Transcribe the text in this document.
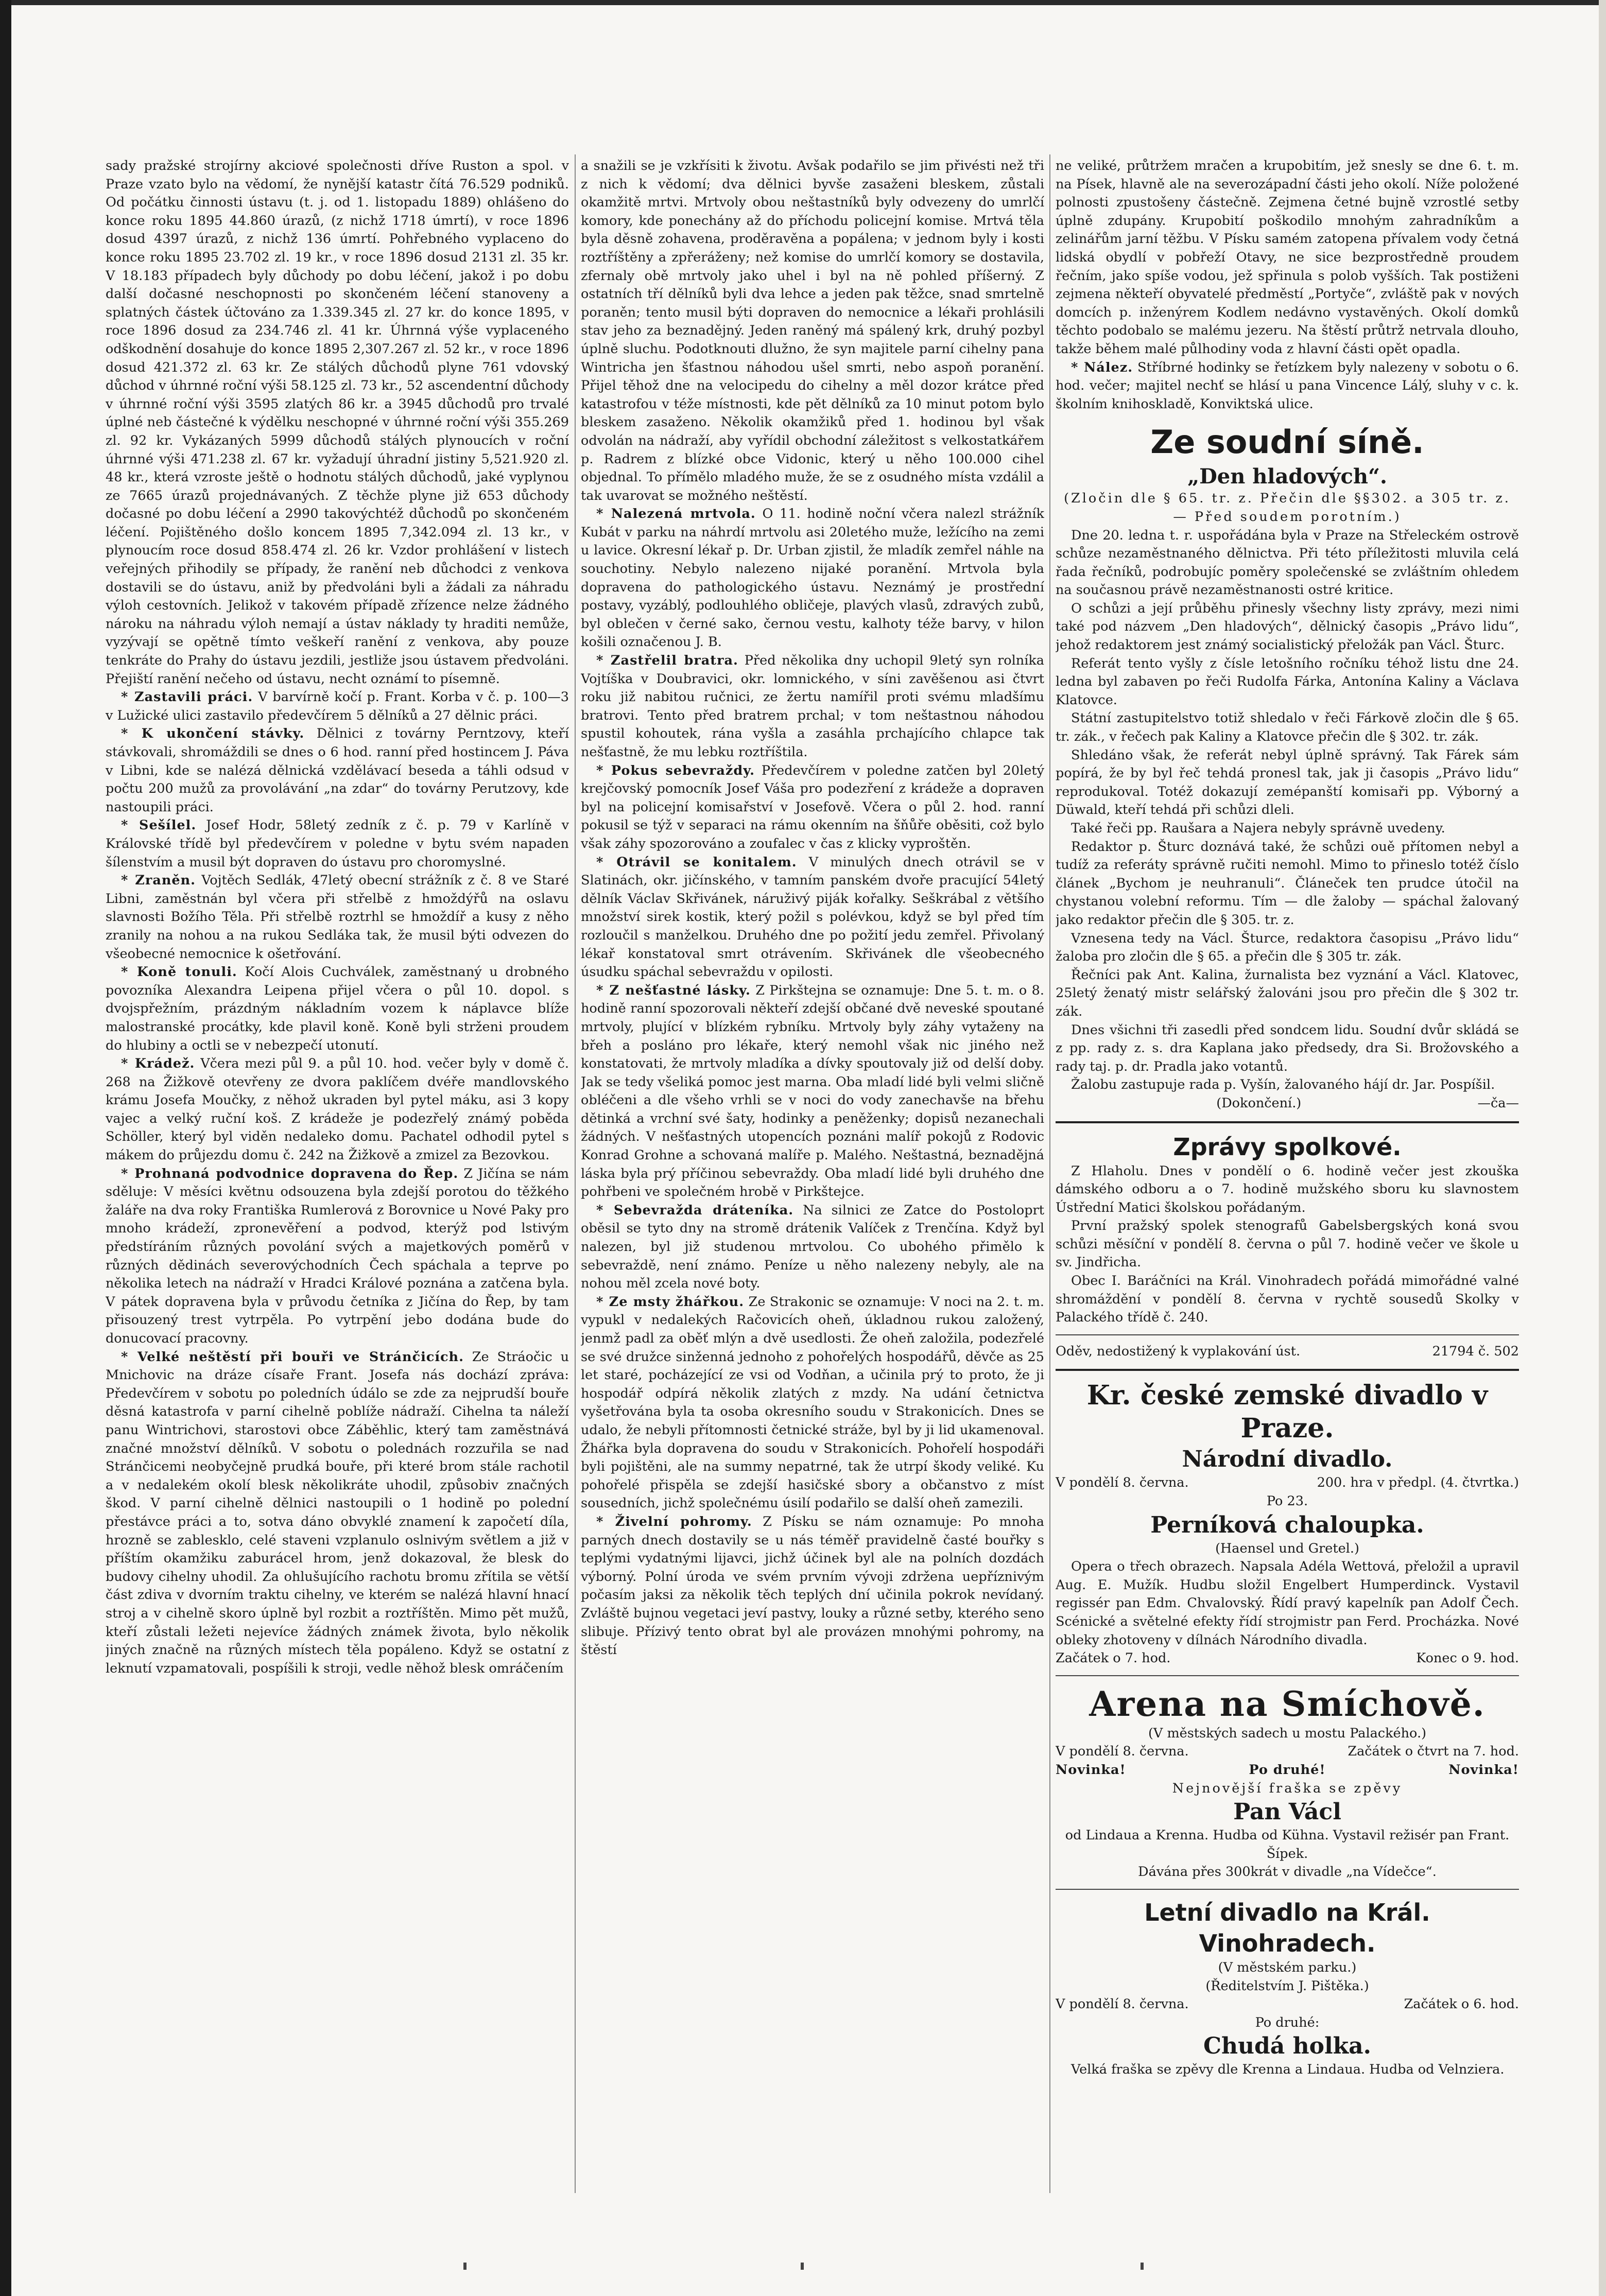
sady pražské strojírny akciové společnosti dříve Ruston a spol. v Praze vzato bylo na vědomí, že nynější katastr čítá 76.529 podniků. Od počátku činnosti ústavu (t. j. od 1. listopadu 1889) ohlášeno do konce roku 1895 44.860 úrazů, (z nichž 1718 úmrtí), v roce 1896 dosud 4397 úrazů, z nichž 136 úmrtí. Pohřebného vyplaceno do konce roku 1895 23.702 zl. 19 kr., v roce 1896 dosud 2131 zl. 35 kr. V 18.183 případech byly důchody po dobu léčení, jakož i po dobu další dočasné neschopnosti po skončeném léčení stanoveny a splatných částek účtováno za 1.339.345 zl. 27 kr. do konce 1895, v roce 1896 dosud za 234.746 zl. 41 kr. Úhrnná výše vyplaceného odškodnění dosahuje do konce 1895 2,307.267 zl. 52 kr., v roce 1896 dosud 421.372 zl. 63 kr. Ze stálých důchodů plyne 761 vdovský důchod v úhrnné roční výši 58.125 zl. 73 kr., 52 ascendentní důchody v úhrnné roční výši 3595 zlatých 86 kr. a 3945 důchodů pro trvalé úplné neb částečné k výdělku neschopné v úhrnné roční výši 355.269 zl. 92 kr. Vykázaných 5999 důchodů stálých plynoucích v roční úhrnné výši 471.238 zl. 67 kr. vyžadují úhradní jistiny 5,521.920 zl. 48 kr., která vzroste ještě o hodnotu stálých důchodů, jaké vyplynou ze 7665 úrazů projednávaných. Z těchže plyne již 653 důchody dočasné po dobu léčení a 2990 takovýchtéž důchodů po skončeném léčení. Pojištěného došlo koncem 1895 7,342.094 zl. 13 kr., v plynoucím roce dosud 858.474 zl. 26 kr. Vzdor prohlášení v listech veřejných přihodily se případy, že ranění neb důchodci z venkova dostavili se do ústavu, aniž by předvoláni byli a žádali za náhradu výloh cestovních. Jelikož v takovém případě zřízence nelze žádného nároku na náhradu výloh nemají a ústav náklady ty hraditi nemůže, vyzývají se opětně tímto veškeří ranění z venkova, aby pouze tenkráte do Prahy do ústavu jezdili, jestliže jsou ústavem předvoláni. Přejiští ranění nečeho od ústavu, necht oznámí to písemně.

* Zastavili práci. V barvírně kočí p. Frant. Korba v č. p. 100—3 v Lužické ulici zastavilo předevčírem 5 dělníků a 27 dělnic práci.

* K ukončení stávky. Dělnici z továrny Perntzovy, kteří stávkovali, shromáždili se dnes o 6 hod. ranní před hostincem J. Páva v Libni, kde se nalézá dělnická vzdělávací beseda a táhli odsud v počtu 200 mužů za provolávání „na zdar“ do továrny Perutzovy, kde nastoupili práci.

* Sešílel. Josef Hodr, 58letý zedník z č. p. 79 v Karlíně v Královské třídě byl předevčírem v poledne v bytu svém napaden šílenstvím a musil být dopraven do ústavu pro choromyslné.

* Zraněn. Vojtěch Sedlák, 47letý obecní strážník z č. 8 ve Staré Libni, zaměstnán byl včera při střelbě z hmoždýřů na oslavu slavnosti Božího Těla. Při střelbě roztrhl se hmoždíř a kusy z něho zranily na nohou a na rukou Sedláka tak, že musil býti odvezen do všeobecné nemocnice k ošetřování.

* Koně tonuli. Kočí Alois Cuchválek, zaměstnaný u drobného povozníka Alexandra Leipena přijel včera o půl 10. dopol. s dvojspřežním, prázdným nákladním vozem k náplavce blíže malostranské procátky, kde plavil koně. Koně byli strženi proudem do hlubiny a octli se v nebezpečí utonutí.

* Krádež. Včera mezi půl 9. a půl 10. hod. večer byly v domě č. 268 na Žižkově otevřeny ze dvora paklíčem dvéře mandlovského krámu Josefa Moučky, z něhož ukraden byl pytel máku, asi 3 kopy vajec a velký ruční koš. Z krádeže je podezřelý známý poběda Schöller, který byl viděn nedaleko domu. Pachatel odhodil pytel s mákem do průjezdu domu č. 242 na Žižkově a zmizel za Bezovkou.

* Prohnaná podvodnice dopravena do Řep. Z Jičína se nám sděluje: V měsíci květnu odsouzena byla zdejší porotou do těžkého žaláře na dva roky Františka Rumlerová z Borovnice u Nové Paky pro mnoho krádeží, zpronevěření a podvod, kterýž pod lstivým předstíráním různých povolání svých a majetkových poměrů v různých dědinách severovýchodních Čech spáchala a teprve po několika letech na nádraží v Hradci Králové poznána a zatčena byla. V pátek dopravena byla v průvodu četníka z Jičína do Řep, by tam přisouzený trest vytrpěla. Po vytrpění jebo dodána bude do donucovací pracovny.

* Velké neštěstí při bouři ve Stránčicích. Ze Stráočic u Mnichovic na dráze císaře Frant. Josefa nás dochází zpráva: Předevčírem v sobotu po poledních údálo se zde za nejprudší bouře děsná katastrofa v parní cihelně poblíže nádraží. Cihelna ta náleží panu Wintrichovi, starostovi obce Záběhlic, který tam zaměstnává značné množství dělníků. V sobotu o polednách rozzuřila se nad Stránčicemi neobyčejně prudká bouře, při které brom stále rachotil a v nedalekém okolí blesk několikráte uhodil, způsobiv značných škod. V parní cihelně dělnici nastoupili o 1 hodině po polední přestávce práci a to, sotva dáno obvyklé znamení k započetí díla, hrozně se zablesklo, celé staveni vzplanulo oslnivým světlem a již v příštím okamžiku zaburácel hrom, jenž dokazoval, že blesk do budovy cihelny uhodil. Za ohlušujícího rachotu bromu zřítila se větší část zdiva v dvorním traktu cihelny, ve kterém se nalézá hlavní hnací stroj a v cihelně skoro úplně byl rozbit a roztříštěn. Mimo pět mužů, kteří zůstali ležeti nejevíce žádných známek života, bylo několik jiných značně na různých místech těla popáleno. Když se ostatní z leknutí vzpamatovali, pospíšili k stroji, vedle něhož blesk omráčením

a snažili se je vzkřísiti k životu. Avšak podařilo se jim přivésti než tři z nich k vědomí; dva dělnici byvše zasaženi bleskem, zůstali okamžitě mrtvi. Mrtvoly obou neštastníků byly odvezeny do umrlčí komory, kde ponechány až do příchodu policejní komise. Mrtvá těla byla děsně zohavena, proděravěna a popálena; v jednom byly i kosti roztříštěny a zpřeráženy; než komise do umrlčí komory se dostavila, zfernaly obě mrtvoly jako uhel i byl na ně pohled příšerný. Z ostatních tří dělníků byli dva lehce a jeden pak těžce, snad smrtelně poraněn; tento musil býti dopraven do nemocnice a lékaři prohlásili stav jeho za beznadějný. Jeden raněný má spálený krk, druhý pozbyl úplně sluchu. Podotknouti dlužno, že syn majitele parní cihelny pana Wintricha jen šťastnou náhodou ušel smrti, nebo aspoň poranění. Přijel těhož dne na velocipedu do cihelny a měl dozor krátce před katastrofou v téže místnosti, kde pět dělníků za 10 minut potom bylo bleskem zasaženo. Několik okamžiků před 1. hodinou byl však odvolán na nádraží, aby vyřídil obchodní záležitost s velkostatkářem p. Radrem z blízké obce Vidonic, který u něho 100.000 cihel objednal. To přímělo mladého muže, že se z osudného místa vzdálil a tak uvarovat se možného neštěstí.

* Nalezená mrtvola. O 11. hodině noční včera nalezl strážník Kubát v parku na náhrdí mrtvolu asi 20letého muže, ležícího na zemi u lavice. Okresní lékař p. Dr. Urban zjistil, že mladík zemřel náhle na souchotiny. Nebylo nalezeno nijaké poranění. Mrtvola byla dopravena do pathologického ústavu. Neznámý je prostřední postavy, vyzáblý, podlouhlého obličeje, plavých vlasů, zdravých zubů, byl oblečen v černé sako, černou vestu, kalhoty téže barvy, v hilon košili označenou J. B.

* Zastřelil bratra. Před několika dny uchopil 9letý syn rolníka Vojtíška v Doubravici, okr. lomnického, v síni zavěšenou asi čtvrt roku již nabitou ručnici, ze žertu namířil proti svému mladšímu bratrovi. Tento před bratrem prchal; v tom neštastnou náhodou spustil kohoutek, rána vyšla a zasáhla prchajícího chlapce tak nešťastně, že mu lebku roztříštila.

* Pokus sebevraždy. Předevčírem v poledne zatčen byl 20letý krejčovský pomocník Josef Váša pro podezření z krádeže a dopraven byl na policejní komisařství v Josefově. Včera o půl 2. hod. ranní pokusil se týž v separaci na rámu okenním na šňůře oběsiti, což bylo však záhy spozorováno a zoufalec v čas z klicky vyproštěn.

* Otrávil se konitalem. V minulých dnech otrávil se v Slatinách, okr. jičínského, v tamním panském dvoře pracující 54letý dělník Václav Skřivánek, náruživý piják kořalky. Seškrábal z většího množství sirek kostik, který požil s polévkou, když se byl před tím rozloučil s manželkou. Druhého dne po požití jedu zemřel. Přivolaný lékař konstatoval smrt otrávením. Skřivánek dle všeobecného úsudku spáchal sebevraždu v opilosti.

* Z nešťastné lásky. Z Pirkštejna se oznamuje: Dne 5. t. m. o 8. hodině ranní spozorovali někteří zdejší občané dvě neveské spoutané mrtvoly, plující v blízkém rybníku. Mrtvoly byly záhy vytaženy na břeh a posláno pro lékaře, který nemohl však nic jiného než konstatovati, že mrtvoly mladíka a dívky spoutovaly již od delší doby. Jak se tedy všeliká pomoc jest marna. Oba mladí lidé byli velmi sličně obléčeni a dle všeho vrhli se v noci do vody zanechavše na břehu dětinká a vrchní své šaty, hodinky a peněženky; dopisů nezanechali žádných. V nešťastných utopencích poznáni malíř pokojů z Rodovic Konrad Grohne a schovaná malíře p. Malého. Neštastná, beznadějná láska byla prý příčinou sebevraždy. Oba mladí lidé byli druhého dne pohřbeni ve společném hrobě v Pirkštejce.

* Sebevražda dráteníka. Na silnici ze Zatce do Postoloprt oběsil se tyto dny na stromě drátenik Valíček z Trenčína. Když byl nalezen, byl již studenou mrtvolou. Co ubohého přimělo k sebevraždě, není známo. Peníze u něho nalezeny nebyly, ale na nohou měl zcela nové boty.

* Ze msty žhářkou. Ze Strakonic se oznamuje: V noci na 2. t. m. vypukl v nedalekých Račovicích oheň, úkladnou rukou založený, jenmž padl za oběť mlýn a dvě usedlosti. Že oheň založila, podezřelé se své družce sinženná jednoho z pohořelých hospodářů, děvče as 25 let staré, pocházející ze vsi od Vodňan, a učinila prý to proto, že ji hospodář odpírá několik zlatých z mzdy. Na udání četnictva vyšetřována byla ta osoba okresního soudu v Strakonicích. Dnes se udalo, že nebyli přítomnosti četnické stráže, byl by ji lid ukamenoval. Žhářka byla dopravena do soudu v Strakonicích. Pohořelí hospodáři byli pojištěni, ale na summy nepatrné, tak že utrpí škody veliké. Ku pohořelé přispěla se zdejší hasičské sbory a občanstvo z míst sousedních, jichž společnému úsilí podařilo se další oheň zamezili.

* Živelní pohromy. Z Písku se nám oznamuje: Po mnoha parných dnech dostavily se u nás téměř pravidelně časté bouřky s teplými vydatnými lijavci, jichž účinek byl ale na polních dozdách výborný. Polní úroda ve svém prvním vývoji zdržena uepříznivým počasím jaksi za několik těch teplých dní učinila pokrok nevídaný. Zvláště bujnou vegetaci jeví pastvy, louky a různé setby, kterého seno slibuje. Přízivý tento obrat byl ale provázen mnohými pohromy, na štěstí

ne veliké, průtržem mračen a krupobitím, jež snesly se dne 6. t. m. na Písek, hlavně ale na severozápadní části jeho okolí. Níže položené polnosti zpustošeny částečně. Zejmena četné bujně vzrostlé setby úplně zdupány. Krupobití poškodilo mnohým zahradníkům a zelinářům jarní těžbu. V Písku samém zatopena přívalem vody četná lidská obydlí v pobřeží Otavy, ne sice bezprostředně proudem řečním, jako spíše vodou, jež spřinula s polob vyšších. Tak postiženi zejmena někteří obyvatelé předměstí „Portyče“, zvláště pak v nových domcích p. inženýrem Kodlem nedávno vystavěných. Okolí domků těchto podobalo se malému jezeru. Na štěstí průtrž netrvala dlouho, takže během malé půlhodiny voda z hlavní části opět opadla.

* Nález. Stříbrné hodinky se řetízkem byly nalezeny v sobotu o 6. hod. večer; majitel nechť se hlásí u pana Vincence Lálý, sluhy v c. k. školním knihoskladě, Konviktská ulice.

Ze soudní síně.
„Den hladových“.

(Zločin dle § 65. tr. z. Přečin dle §§302. a 305 tr. z. — Před soudem porotním.)

Dne 20. ledna t. r. uspořádána byla v Praze na Střeleckém ostrově schůze nezaměstnaného dělnictva. Při této příležitosti mluvila celá řada řečníků, podrobujíc poměry společenské se zvláštním ohledem na současnou právě nezaměstnanosti ostré kritice.

O schůzi a její průběhu přinesly všechny listy zprávy, mezi nimi také pod názvem „Den hladových“, dělnický časopis „Právo lidu“, jehož redaktorem jest známý socialistický přeložák pan Václ. Šturc.

Referát tento vyšly z čísle letošního ročníku téhož listu dne 24. ledna byl zabaven po řeči Rudolfa Fárka, Antonína Kaliny a Václava Klatovce.

Státní zastupitelstvo totiž shledalo v řeči Fárkově zločin dle § 65. tr. zák., v řečech pak Kaliny a Klatovce přečin dle § 302. tr. zák.

Shledáno však, že referát nebyl úplně správný. Tak Fárek sám popírá, že by byl řeč tehdá pronesl tak, jak ji časopis „Právo lidu“ reprodukoval. Totéž dokazují zemépanští komisaři pp. Výborný a Düwald, kteří tehdá při schůzi dleli.

Také řeči pp. Raušara a Najera nebyly správně uvedeny.

Redaktor p. Šturc doznává také, že schůzi ouě přítomen nebyl a tudíž za referáty správně ručiti nemohl. Mimo to přineslo totéž číslo článek „Bychom je neuhranuli“. Článeček ten prudce útočil na chystanou volební reformu. Tím — dle žaloby — spáchal žalovaný jako redaktor přečin dle § 305. tr. z.

Vznesena tedy na Václ. Šturce, redaktora časopisu „Právo lidu“ žaloba pro zločin dle § 65. a přečin dle § 305 tr. zák.

Řečníci pak Ant. Kalina, žurnalista bez vyznání a Václ. Klatovec, 25letý ženatý mistr selářský žalováni jsou pro přečin dle § 302 tr. zák.

Dnes všichni tři zasedli před sondcem lidu. Soudní dvůr skládá se z pp. rady z. s. dra Kaplana jako předsedy, dra Si. Brožovského a rady taj. p. dr. Pradla jako votantů.

Žalobu zastupuje rada p. Vyšín, žalovaného hájí dr. Jar. Pospíšil.
—ča—

(Dokončení.)

Zprávy spolkové.

Z Hlaholu. Dnes v pondělí o 6. hodině večer jest zkouška dámského odboru a o 7. hodině mužského sboru ku slavnostem Ústřední Matici školskou pořádaným.

První pražský spolek stenografů Gabelsbergských koná svou schůzi měsíční v pondělí 8. června o půl 7. hodině večer ve škole u sv. Jindřicha.

Obec I. Baráčníci na Král. Vinohradech pořádá mimořádné valné shromáždění v pondělí 8. června v rychtě sousedů Skolky v Palackého třídě č. 240.

Oděv, nedostižený k vyplakování úst.	21794 č. 502
Kr. české zemské divadlo v Praze.
Národní divadlo.
V pondělí 8. června.	200. hra v předpl. (4. čtvrtka.)

Po 23.

Perníková chaloupka.

(Haensel und Gretel.)

Opera o třech obrazech. Napsala Adéla Wettová, přeložil a upravil Aug. E. Mužík. Hudbu složil Engelbert Humperdinck. Vystavil regissér pan Edm. Chvalovský. Řídí pravý kapelník pan Adolf Čech. Scénické a světelné efekty řídí strojmistr pan Ferd. Procházka. Nové obleky zhotoveny v dílnách Národního divadla.

Začátek o 7. hod.	Konec o 9. hod.
Arena na Smíchově.

(V městských sadech u mostu Palackého.)

V pondělí 8. června.	Začátek o čtvrt na 7. hod.
Novinka!	Po druhé!	Novinka!

Nejnovější fraška se zpěvy

Pan Václ

od Lindaua a Krenna. Hudba od Kühna. Vystavil režisér pan Frant. Šípek.

Dávána přes 300krát v divadle „na Vídečce“.

Letní divadlo na Král. Vinohradech.

(V městském parku.)

(Ředitelstvím J. Pištěka.)

V pondělí 8. června.	Začátek o 6. hod.

Po druhé:

Chudá holka.

Velká fraška se zpěvy dle Krenna a Lindaua. Hudba od Velnziera.
